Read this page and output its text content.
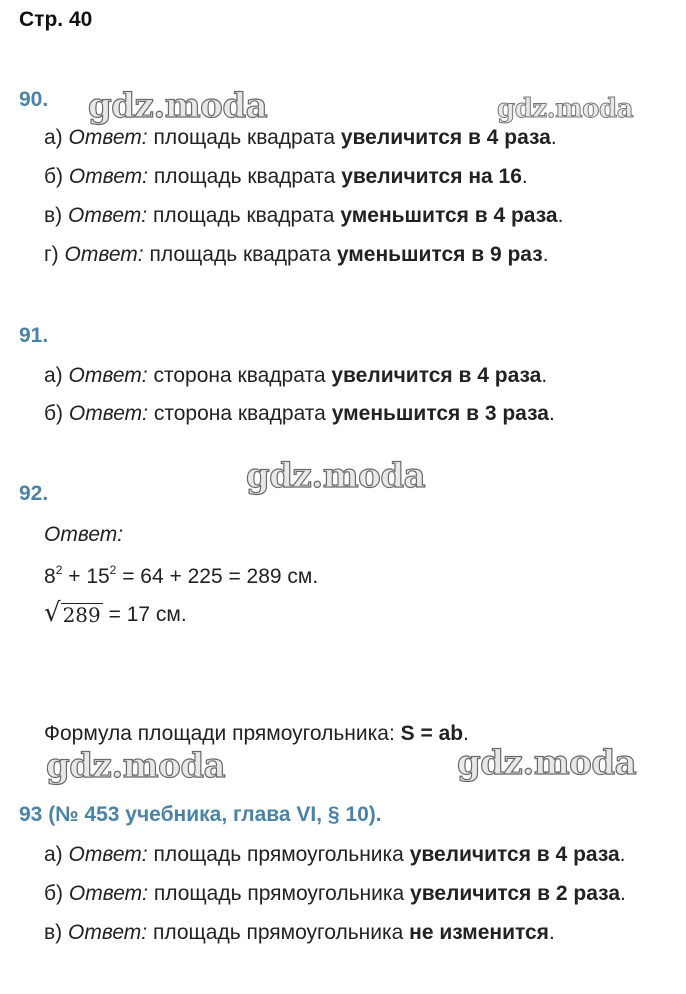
Стр. 40
90. gdz.moda	gdz.moda
а) Ответ: площадь квадрата увеличится в 4 раза.
б) Ответ: площадь квадрата увеличится на 16.
в) Ответ: площадь квадрата уменьшится в 4 раза.
г) Ответ: площадь квадрата уменьшится в 9 раз.
91.
а) Ответ: сторона квадрата увеличится в 4 раза.
б) Ответ: сторона квадрата уменьшится в 3 раза.
gdz.moda
92.
Ответ:
$8^2 + 15^2 = 64 + 225 = 289$ см.
√ 289 = 17 см.
Формула площади прямоугольника: S = ab.
gdz.moda	gdz.moda
93 (№ 453 учебника, глава VI, § 10).
а) Ответ: площадь прямоугольника увеличится в 4 раза.
б) Ответ: площадь прямоугольника увеличится в 2 раза.
в) Ответ: площадь прямоугольника не изменится.
